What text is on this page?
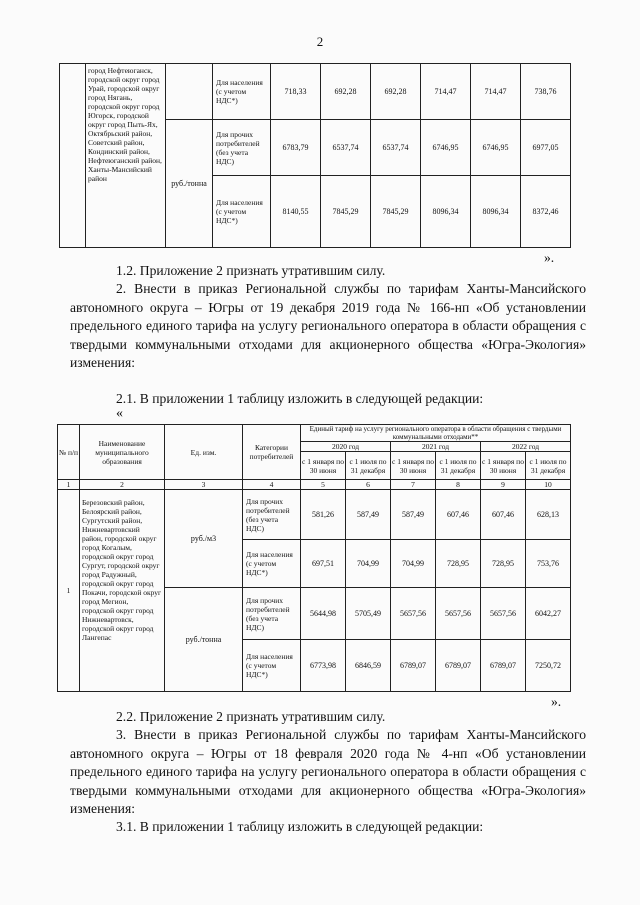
2
	город Нефтеюганск, городской округ город Урай, городской округ город Нягань, городской округ город Югорск, городской округ город Пыть-Ях, Октябрьский район, Советский район, Кондинский район, Нефтеюганский район, Ханты-Мансийский район		Для населения (с учетом НДС*)	718,33	692,28	692,28	714,47	714,47	738,76
		руб./тонна	Для прочих потребителей (без учета НДС)	6783,79	6537,74	6537,74	6746,95	6746,95	6977,05
			Для населения (с учетом НДС*)	8140,55	7845,29	7845,29	8096,34	8096,34	8372,46
».
1.2. Приложение 2 признать утратившим силу.
2. Внести в приказ Региональной службы по тарифам Ханты-Мансийского автономного округа – Югры от 19 декабря 2019 года № 166-нп «Об установлении предельного единого тарифа на услугу регионального оператора в области обращения с твердыми коммунальными отходами для акционерного общества «Югра-Экология» изменения:
2.1. В приложении 1 таблицу изложить в следующей редакции:
«
№ п/п	Наименование муниципального образования	Ед. изм.	Категории потребителей	Единый тариф на услугу регионального оператора в области обращения с твердыми коммунальными отходами**					
				2020 год		2021 год		2022 год	
				с 1 января по 30 июня	с 1 июля по 31 декабря	с 1 января по 30 июня	с 1 июля по 31 декабря	с 1 января по 30 июня	с 1 июля по 31 декабря
1	2	3	4	5	6	7	8	9	10
1	Березовский район, Белоярский район, Сургутский район, Нижневартовский район, городской округ город Когалым, городской округ город Сургут, городской округ город Радужный, городской округ город Покачи, городской округ город Мегион, городской округ город Нижневартовск, городской округ город Лангепас	руб./м3	Для прочих потребителей (без учета НДС)	581,26	587,49	587,49	607,46	607,46	628,13
			Для населения (с учетом НДС*)	697,51	704,99	704,99	728,95	728,95	753,76
		руб./тонна	Для прочих потребителей (без учета НДС)	5644,98	5705,49	5657,56	5657,56	5657,56	6042,27
			Для населения (с учетом НДС*)	6773,98	6846,59	6789,07	6789,07	6789,07	7250,72
».
2.2. Приложение 2 признать утратившим силу.
3. Внести в приказ Региональной службы по тарифам Ханты-Мансийского автономного округа – Югры от 18 февраля 2020 года № 4-нп «Об установлении предельного единого тарифа на услугу регионального оператора в области обращения с твердыми коммунальными отходами для акционерного общества «Югра-Экология» изменения:
3.1. В приложении 1 таблицу изложить в следующей редакции:
